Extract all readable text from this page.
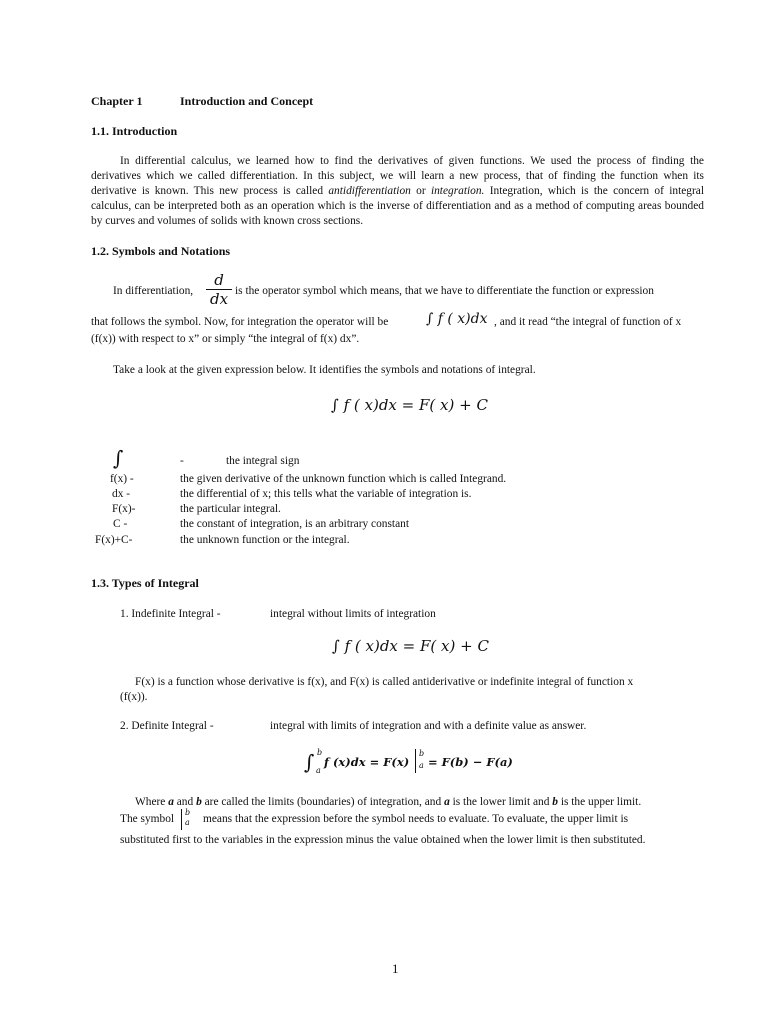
Chapter 1	Introduction and Concept
1.1. Introduction
In differential calculus, we learned how to find the derivatives of given functions. We used the process of finding the derivatives which we called differentiation. In this subject, we will learn a new process, that of finding the function when its derivative is known. This new process is called antidifferentiation or integration. Integration, which is the concern of integral calculus, can be interpreted both as an operation which is the inverse of differentiation and as a method of computing areas bounded by curves and volumes of solids with known cross sections.
1.2. Symbols and Notations
In differentiation,
d
dx is the operator symbol which means, that we have to differentiate the function or expression
that follows the symbol. Now, for integration the operator will be	∫ f ( x)dx , and it read “the integral of function of x
(f(x)) with respect to x” or simply “the integral of f(x) dx”.
Take a look at the given expression below. It identifies the symbols and notations of integral.
∫ f ( x)dx = F( x) + C
∫	-	the integral sign
f(x) -	the given derivative of the unknown function which is called Integrand.
dx -	the differential of x; this tells what the variable of integration is.
F(x)-	the particular integral.
C -	the constant of integration, is an arbitrary constant
F(x)+C-	the unknown function or the integral.
1.3. Types of Integral
1. Indefinite Integral -	integral without limits of integration
∫ f ( x)dx = F( x) + C
F(x) is a function whose derivative is f(x), and F(x) is called antiderivative or indefinite integral of function x
(f(x)).
2. Definite Integral -	integral with limits of integration and with a definite value as answer.
∫ b
a
f (x)dx = F(x)
b
a = F(b) − F(a)
Where a and b are called the limits (boundaries) of integration, and a is the lower limit and b is the upper limit.
The symbol
b
a means that the expression before the symbol needs to evaluate. To evaluate, the upper limit is
substituted first to the variables in the expression minus the value obtained when the lower limit is then substituted.
1
